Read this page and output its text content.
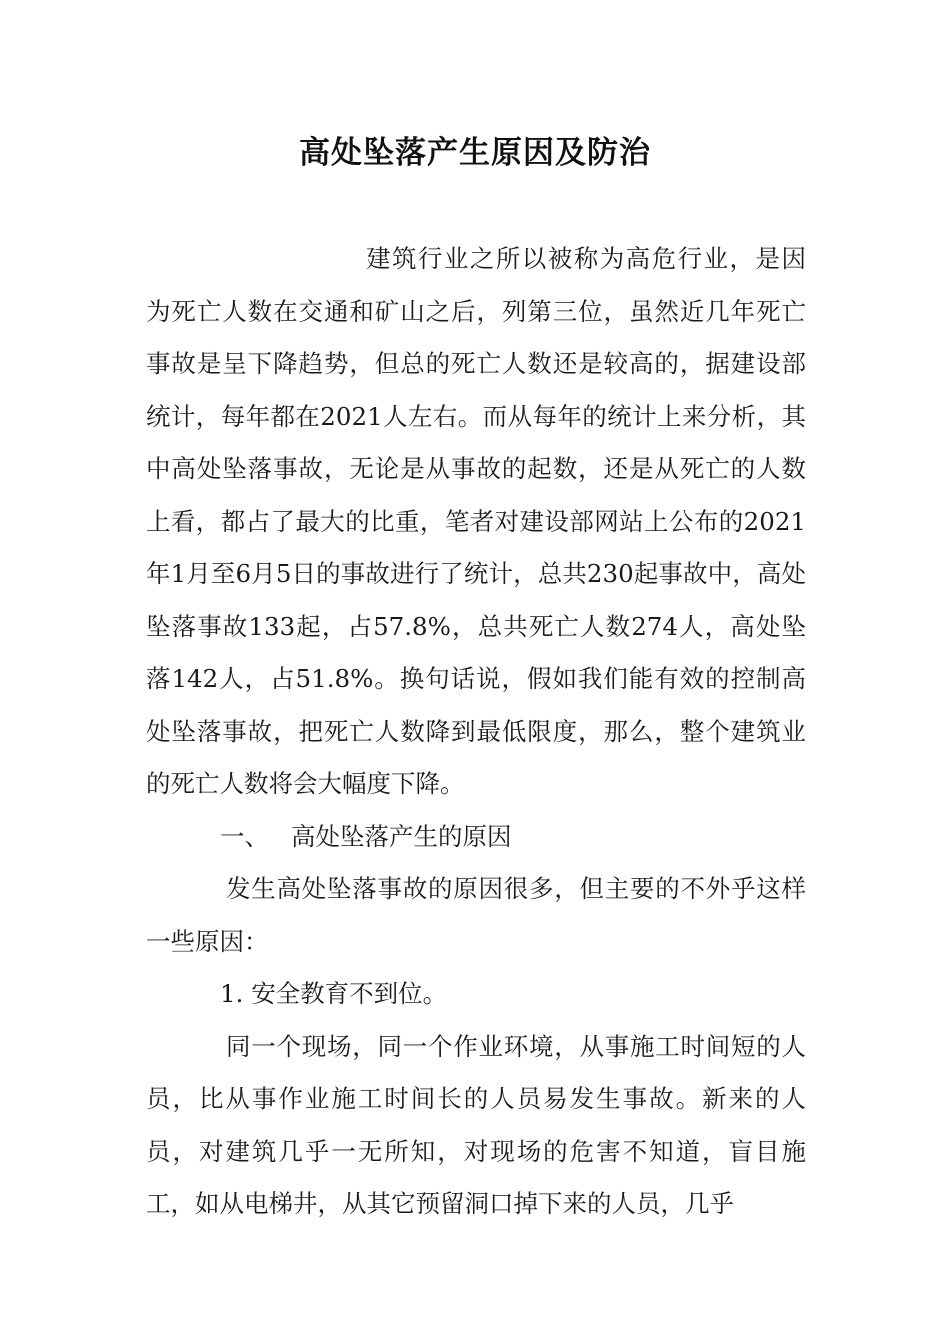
高处坠落产生原因及防治

建筑行业之所以被称为高危行业，是因为死亡人数在交通和矿山之后，列第三位，虽然近几年死亡事故是呈下降趋势，但总的死亡人数还是较高的，据建设部统计，每年都在2021人左右。而从每年的统计上来分析，其中高处坠落事故，无论是从事故的起数，还是从死亡的人数上看，都占了最大的比重，笔者对建设部网站上公布的2021年1月至6月5日的事故进行了统计，总共230起事故中，高处坠落事故133起，占57.8%，总共死亡人数274人，高处坠落142人，占51.8%。换句话说，假如我们能有效的控制高处坠落事故，把死亡人数降到最低限度，那么，整个建筑业的死亡人数将会大幅度下降。

一、 高处坠落产生的原因

发生高处坠落事故的原因很多，但主要的不外乎这样一些原因：

1. 安全教育不到位。

同一个现场，同一个作业环境，从事施工时间短的人员，比从事作业施工时间长的人员易发生事故。新来的人员，对建筑几乎一无所知，对现场的危害不知道，盲目施工，如从电梯井，从其它预留洞口掉下来的人员，几乎
